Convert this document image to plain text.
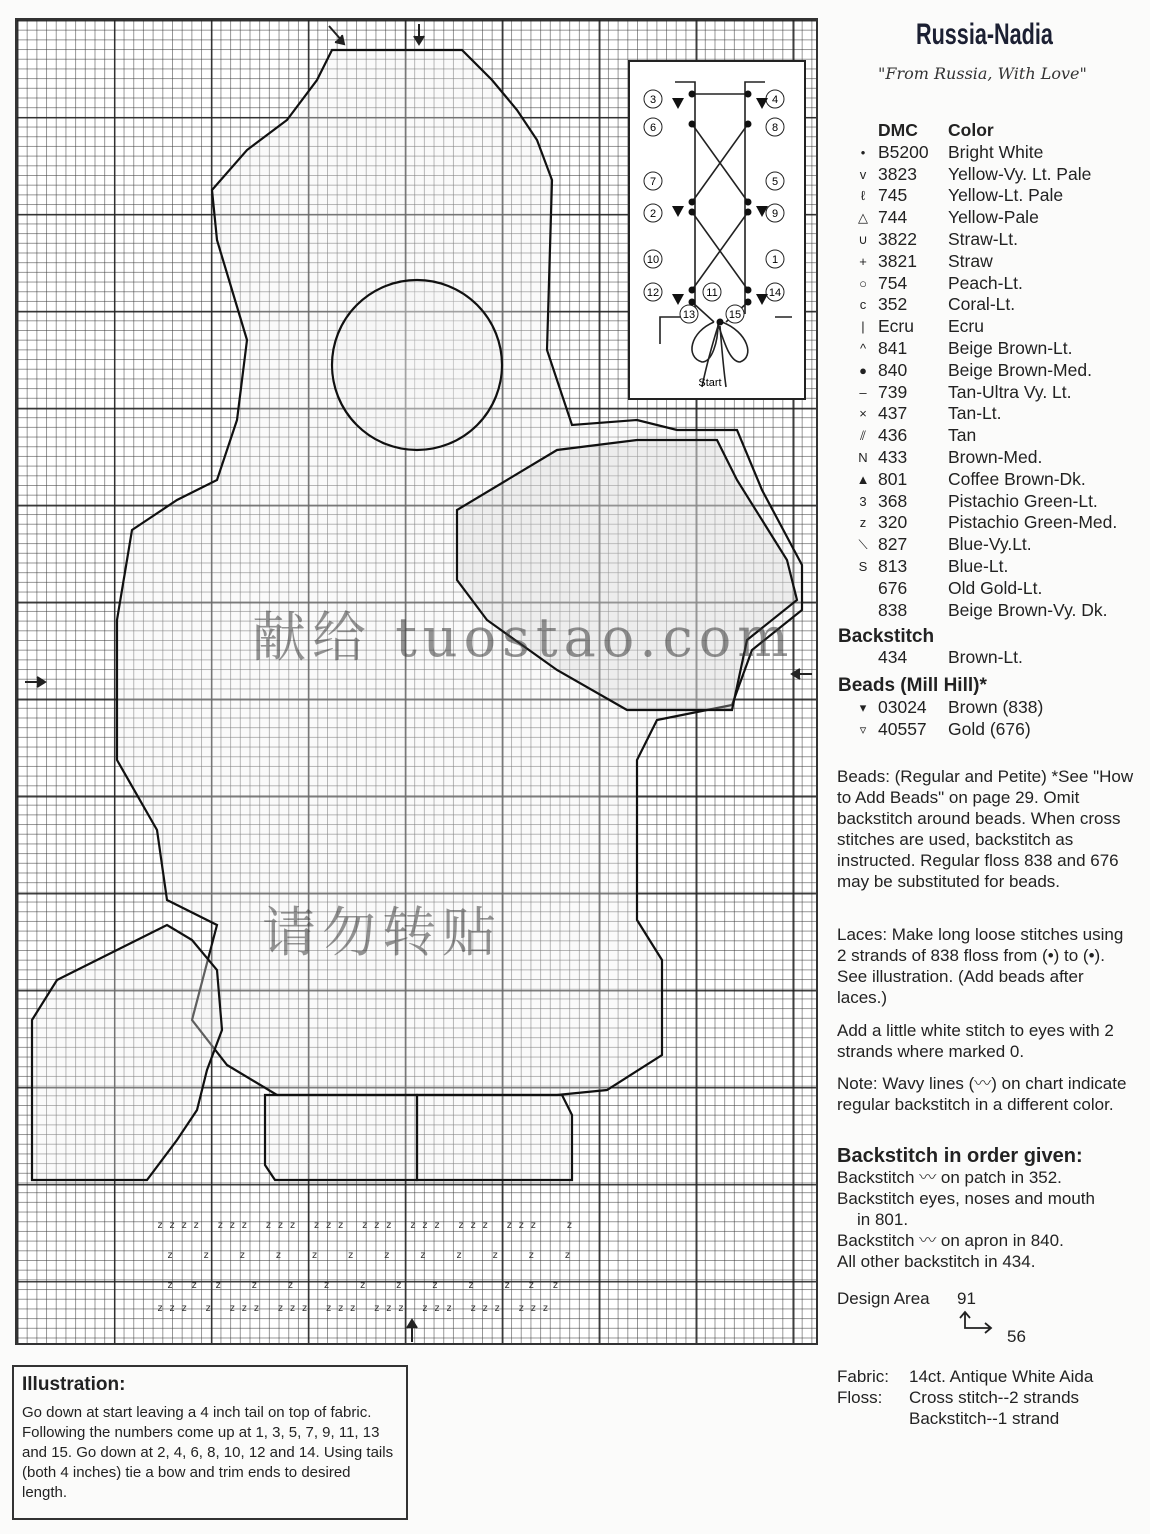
z z z z   z z z   z z z   z z z   z z z   z z z   z z z   z z z     z
z     z     z     z     z     z     z     z     z     z     z     z
z   z   z     z     z     z     z     z     z     z     z   z   z
z z z   z   z z z   z z z   z z z   z z z   z z z   z z z   z z z
献给 tuostao.com
请勿转贴
3
6
7
2
10
12
4
8
5
9
1
14
11
13	15
Start
Russia-Nadia
"From Russia, With Love"
DMC	Color
• B5200	Bright White
v 3823	Yellow-Vy. Lt. Pale
ℓ 745	Yellow-Lt. Pale
△ 744	Yellow-Pale
∪ 3822	Straw-Lt.
+ 3821	Straw
○ 754	Peach-Lt.
c 352	Coral-Lt.
| Ecru	Ecru
^ 841	Beige Brown-Lt.
● 840	Beige Brown-Med.
– 739	Tan-Ultra Vy. Lt.
× 437	Tan-Lt.
⫽ 436	Tan
N 433	Brown-Med.
▲ 801	Coffee Brown-Dk.
3 368	Pistachio Green-Lt.
z 320	Pistachio Green-Med.
⟍ 827	Blue-Vy.Lt.
S 813	Blue-Lt.
676	Old Gold-Lt.
838	Beige Brown-Vy. Dk.
Backstitch
434	Brown-Lt.
Beads (Mill Hill)*
▾ 03024	Brown (838)
▿ 40557	Gold (676)
Beads: (Regular and Petite) *See "How to Add Beads" on page 29. Omit backstitch around beads. When cross stitches are used, backstitch as instructed. Regular floss 838 and 676 may be substituted for beads.
Laces: Make long loose stitches using 2 strands of 838 floss from (•) to (•). See illustration. (Add beads after laces.)
Add a little white stitch to eyes with 2 strands where marked 0.
Note: Wavy lines (〰) on chart indicate regular backstitch in a different color.
Backstitch in order given:
Backstitch 〰 on patch in 352.
Backstitch eyes, noses and mouth
in 801.
Backstitch 〰 on apron in 840.
All other backstitch in 434.
Design Area 91
56
Fabric: 14ct. Antique White Aida
Floss: Cross stitch--2 strands
Backstitch--1 strand
Illustration:
Go down at start leaving a 4 inch tail on top of fabric. Following the numbers come up at 1, 3, 5, 7, 9, 11, 13 and 15. Go down at 2, 4, 6, 8, 10, 12 and 14. Using tails (both 4 inches) tie a bow and trim ends to desired length.
